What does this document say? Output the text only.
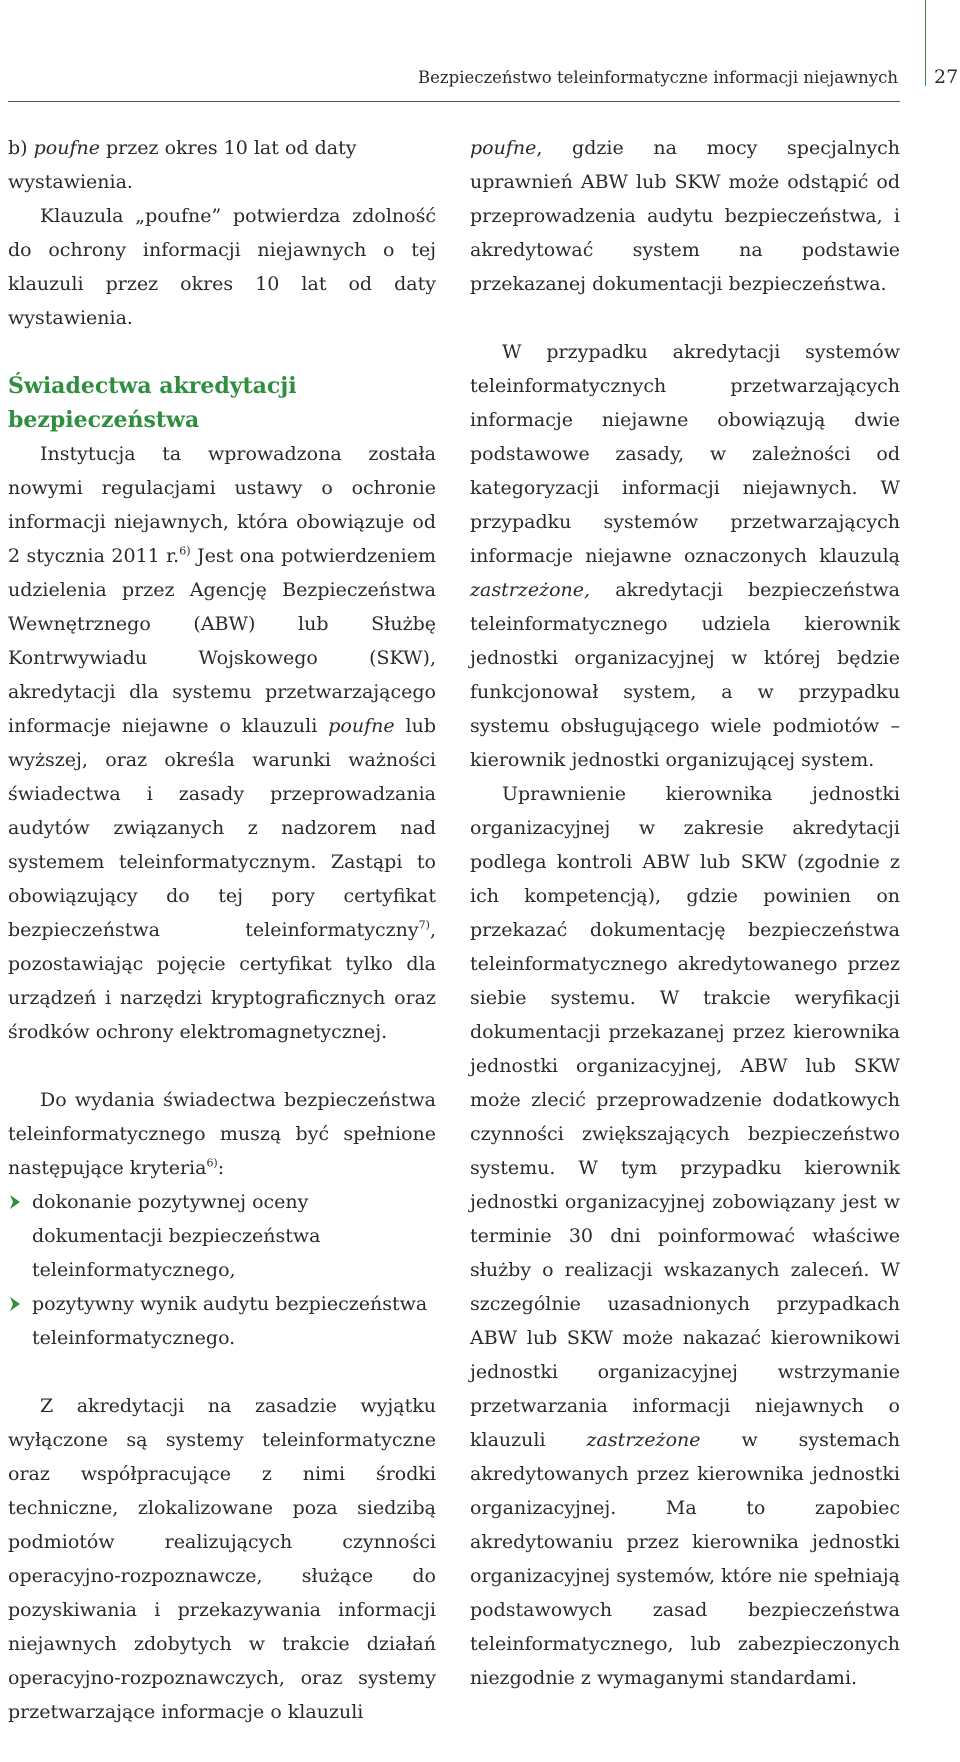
Bezpieczeństwo teleinformatyczne informacji niejawnych 27

b) poufne przez okres 10 lat od daty wystawienia.

Klauzula „poufne” potwierdza zdolność do ochrony informacji niejawnych o tej klauzuli przez okres 10 lat od daty wystawienia.

Świadectwa akredytacji bezpieczeństwa

Instytucja ta wprowadzona została nowymi regulacjami ustawy o ochronie informacji niejawnych, która obowiązuje od 2 stycznia 2011 r.$^{6)}$ Jest ona potwierdzeniem udzielenia przez Agencję Bezpieczeństwa Wewnętrznego (ABW) lub Służbę Kontrwywiadu Wojskowego (SKW), akredytacji dla systemu przetwarzającego informacje niejawne o klauzuli poufne lub wyższej, oraz określa warunki ważności świadectwa i zasady przeprowadzania audytów związanych z nadzorem nad systemem teleinformatycznym. Zastąpi to obowiązujący do tej pory certyfikat bezpieczeństwa teleinformatyczny$^{7)}$, pozostawiając pojęcie certyfikat tylko dla urządzeń i narzędzi kryptograficznych oraz środków ochrony elektromagnetycznej.

Do wydania świadectwa bezpieczeństwa teleinformatycznego muszą być spełnione następujące kryteria$^{6)}$:

dokonanie pozytywnej oceny dokumentacji bezpieczeństwa teleinformatycznego,
pozytywny wynik audytu bezpieczeństwa teleinformatycznego.

Z akredytacji na zasadzie wyjątku wyłączone są systemy teleinformatyczne oraz współpracujące z nimi środki techniczne, zlokalizowane poza siedzibą podmiotów realizujących czynności operacyjno-rozpoznawcze, służące do pozyskiwania i przekazywania informacji niejawnych zdobytych w trakcie działań operacyjno-rozpoznawczych, oraz systemy przetwarzające informacje o klauzuli

poufne, gdzie na mocy specjalnych uprawnień ABW lub SKW może odstąpić od przeprowadzenia audytu bezpieczeństwa, i akredytować system na podstawie przekazanej dokumentacji bezpieczeństwa.

W przypadku akredytacji systemów teleinformatycznych przetwarzających informacje niejawne obowiązują dwie podstawowe zasady, w zależności od kategoryzacji informacji niejawnych. W przypadku systemów przetwarzających informacje niejawne oznaczonych klauzulą zastrzeżone, akredytacji bezpieczeństwa teleinformatycznego udziela kierownik jednostki organizacyjnej w której będzie funkcjonował system, a w przypadku systemu obsługującego wiele podmiotów – kierownik jednostki organizującej system.

Uprawnienie kierownika jednostki organizacyjnej w zakresie akredytacji podlega kontroli ABW lub SKW (zgodnie z ich kompetencją), gdzie powinien on przekazać dokumentację bezpieczeństwa teleinformatycznego akredytowanego przez siebie systemu. W trakcie weryfikacji dokumentacji przekazanej przez kierownika jednostki organizacyjnej, ABW lub SKW może zlecić przeprowadzenie dodatkowych czynności zwiększających bezpieczeństwo systemu. W tym przypadku kierownik jednostki organizacyjnej zobowiązany jest w terminie 30 dni poinformować właściwe służby o realizacji wskazanych zaleceń. W szczególnie uzasadnionych przypadkach ABW lub SKW może nakazać kierownikowi jednostki organizacyjnej wstrzymanie przetwarzania informacji niejawnych o klauzuli zastrzeżone w systemach akredytowanych przez kierownika jednostki organizacyjnej. Ma to zapobiec akredytowaniu przez kierownika jednostki organizacyjnej systemów, które nie spełniają podstawowych zasad bezpieczeństwa teleinformatycznego, lub zabezpieczonych niezgodnie z wymaganymi standardami.
